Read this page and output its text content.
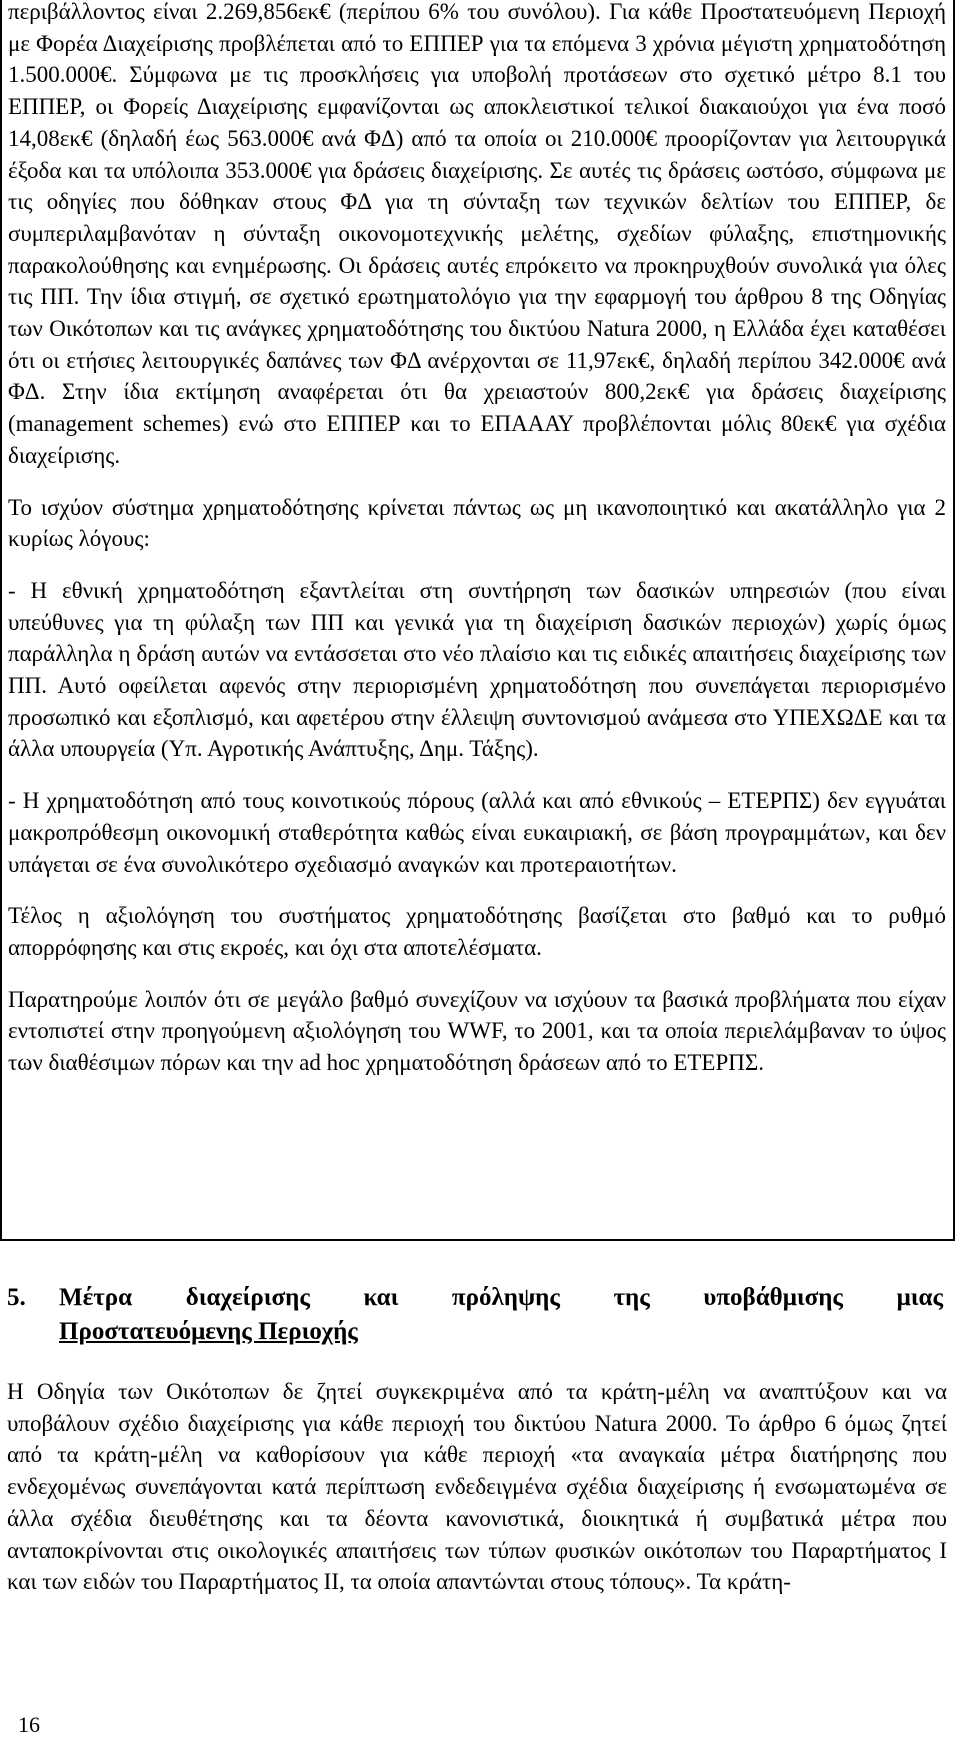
περιβάλλοντος είναι 2.269,856εκ€ (περίπου 6% του συνόλου). Για κάθε Προστατευόμενη Περιοχή με Φορέα Διαχείρισης προβλέπεται από το ΕΠΠΕΡ για τα επόμενα 3 χρόνια μέγιστη χρηματοδότηση 1.500.000€. Σύμφωνα με τις προσκλήσεις για υποβολή προτάσεων στο σχετικό μέτρο 8.1 του ΕΠΠΕΡ, οι Φορείς Διαχείρισης εμφανίζονται ως αποκλειστικοί τελικοί διακαιούχοι για ένα ποσό 14,08εκ€ (δηλαδή έως 563.000€ ανά ΦΔ) από τα οποία οι 210.000€ προορίζονταν για λειτουργικά έξοδα και τα υπόλοιπα 353.000€ για δράσεις διαχείρισης. Σε αυτές τις δράσεις ωστόσο, σύμφωνα με τις οδηγίες που δόθηκαν στους ΦΔ για τη σύνταξη των τεχνικών δελτίων του ΕΠΠΕΡ, δε συμπεριλαμβανόταν η σύνταξη οικονομοτεχνικής μελέτης, σχεδίων φύλαξης, επιστημονικής παρακολούθησης και ενημέρωσης. Οι δράσεις αυτές επρόκειτο να προκηρυχθούν συνολικά για όλες τις ΠΠ. Την ίδια στιγμή, σε σχετικό ερωτηματολόγιο για την εφαρμογή του άρθρου 8 της Οδηγίας των Οικότοπων και τις ανάγκες χρηματοδότησης του δικτύου Natura 2000, η Ελλάδα έχει καταθέσει ότι οι ετήσιες λειτουργικές δαπάνες των ΦΔ ανέρχονται σε 11,97εκ€, δηλαδή περίπου 342.000€ ανά ΦΔ. Στην ίδια εκτίμηση αναφέρεται ότι θα χρειαστούν 800,2εκ€ για δράσεις διαχείρισης (management schemes) ενώ στο ΕΠΠΕΡ και το ΕΠΑΑΑΥ προβλέπονται μόλις 80εκ€ για σχέδια διαχείρισης.

Το ισχύον σύστημα χρηματοδότησης κρίνεται πάντως ως μη ικανοποιητικό και ακατάλληλο για 2 κυρίως λόγους:

- Η εθνική χρηματοδότηση εξαντλείται στη συντήρηση των δασικών υπηρεσιών (που είναι υπεύθυνες για τη φύλαξη των ΠΠ και γενικά για τη διαχείριση δασικών περιοχών) χωρίς όμως παράλληλα η δράση αυτών να εντάσσεται στο νέο πλαίσιο και τις ειδικές απαιτήσεις διαχείρισης των ΠΠ. Αυτό οφείλεται αφενός στην περιορισμένη χρηματοδότηση που συνεπάγεται περιορισμένο προσωπικό και εξοπλισμό, και αφετέρου στην έλλειψη συντονισμού ανάμεσα στο ΥΠΕΧΩΔΕ και τα άλλα υπουργεία (Υπ. Αγροτικής Ανάπτυξης, Δημ. Τάξης).

- Η χρηματοδότηση από τους κοινοτικούς πόρους (αλλά και από εθνικούς – ΕΤΕΡΠΣ) δεν εγγυάται μακροπρόθεσμη οικονομική σταθερότητα καθώς είναι ευκαιριακή, σε βάση προγραμμάτων, και δεν υπάγεται σε ένα συνολικότερο σχεδιασμό αναγκών και προτεραιοτήτων.

Τέλος η αξιολόγηση του συστήματος χρηματοδότησης βασίζεται στο βαθμό και το ρυθμό απορρόφησης και στις εκροές, και όχι στα αποτελέσματα.

Παρατηρούμε λοιπόν ότι σε μεγάλο βαθμό συνεχίζουν να ισχύουν τα βασικά προβλήματα που είχαν εντοπιστεί στην προηγούμενη αξιολόγηση του WWF, το 2001, και τα οποία περιελάμβαναν το ύψος των διαθέσιμων πόρων και την ad hoc χρηματοδότηση δράσεων από το ΕΤΕΡΠΣ.

5. Μέτρα διαχείρισης και πρόληψης της υποβάθμισης μιας
Προστατευόμενης Περιοχής

Η Οδηγία των Οικότοπων δε ζητεί συγκεκριμένα από τα κράτη-μέλη να αναπτύξουν και να υποβάλουν σχέδιο διαχείρισης για κάθε περιοχή του δικτύου Natura 2000. Το άρθρο 6 όμως ζητεί από τα κράτη-μέλη να καθορίσουν για κάθε περιοχή «τα αναγκαία μέτρα διατήρησης που ενδεχομένως συνεπάγονται κατά περίπτωση ενδεδειγμένα σχέδια διαχείρισης ή ενσωματωμένα σε άλλα σχέδια διευθέτησης και τα δέοντα κανονιστικά, διοικητικά ή συμβατικά μέτρα που ανταποκρίνονται στις οικολογικές απαιτήσεις των τύπων φυσικών οικότοπων του Παραρτήματος Ι και των ειδών του Παραρτήματος ΙΙ, τα οποία απαντώνται στους τόπους». Τα κράτη-

16
